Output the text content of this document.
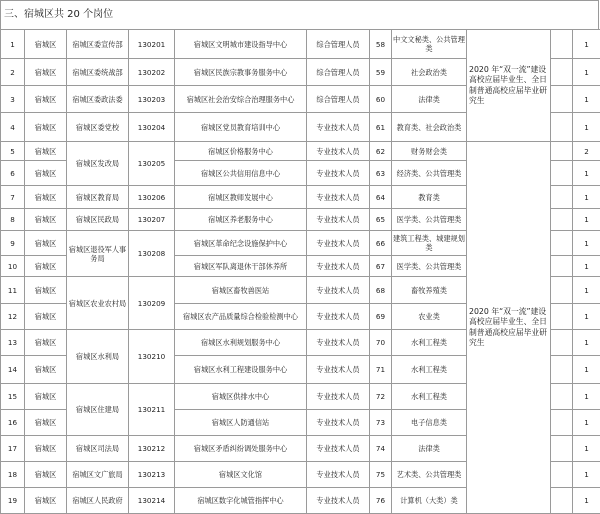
三、宿城区共 20 个岗位
1	宿城区	宿城区委宣传部	130201	宿城区文明城市建设指导中心	综合管理人员	58	中文文秘类、公共管理类	2020 年“双一流”建设高校应届毕业生、全日制普通高校应届毕业研究生		1
2	宿城区	宿城区委统战部	130202	宿城区民族宗教事务服务中心	综合管理人员	59	社会政治类			1
3	宿城区	宿城区委政法委	130203	宿城区社会治安综合治理服务中心	综合管理人员	60	法律类			1
4	宿城区	宿城区委党校	130204	宿城区党员教育培训中心	专业技术人员	61	教育类、社会政治类			1
5	宿城区	宿城区发改局	130205	宿城区价格服务中心	专业技术人员	62	财务财会类	2020 年“双一流”建设高校应届毕业生、全日制普通高校应届毕业研究生		2
6	宿城区			宿城区公共信用信息中心	专业技术人员	63	经济类、公共管理类			1
7	宿城区	宿城区教育局	130206	宿城区教师发展中心	专业技术人员	64	教育类			1
8	宿城区	宿城区民政局	130207	宿城区养老服务中心	专业技术人员	65	医学类、公共管理类			1
9	宿城区	宿城区退役军人事务局	130208	宿城区革命纪念设施保护中心	专业技术人员	66	建筑工程类、城建规划类			1
10	宿城区			宿城区军队离退休干部休养所	专业技术人员	67	医学类、公共管理类			1
11	宿城区	宿城区农业农村局	130209	宿城区畜牧兽医站	专业技术人员	68	畜牧养殖类			1
12	宿城区			宿城区农产品质量综合检验检测中心	专业技术人员	69	农业类			1
13	宿城区	宿城区水利局	130210	宿城区水利规划服务中心	专业技术人员	70	水利工程类			1
14	宿城区			宿城区水利工程建设服务中心	专业技术人员	71	水利工程类			1
15	宿城区	宿城区住建局	130211	宿城区供排水中心	专业技术人员	72	水利工程类			1
16	宿城区			宿城区人防通信站	专业技术人员	73	电子信息类			1
17	宿城区	宿城区司法局	130212	宿城区矛盾纠纷调处服务中心	专业技术人员	74	法律类			1
18	宿城区	宿城区文广旅局	130213	宿城区文化馆	专业技术人员	75	艺术类、公共管理类			1
19	宿城区	宿城区人民政府	130214	宿城区数字化城管指挥中心	专业技术人员	76	计算机（大类）类			1
